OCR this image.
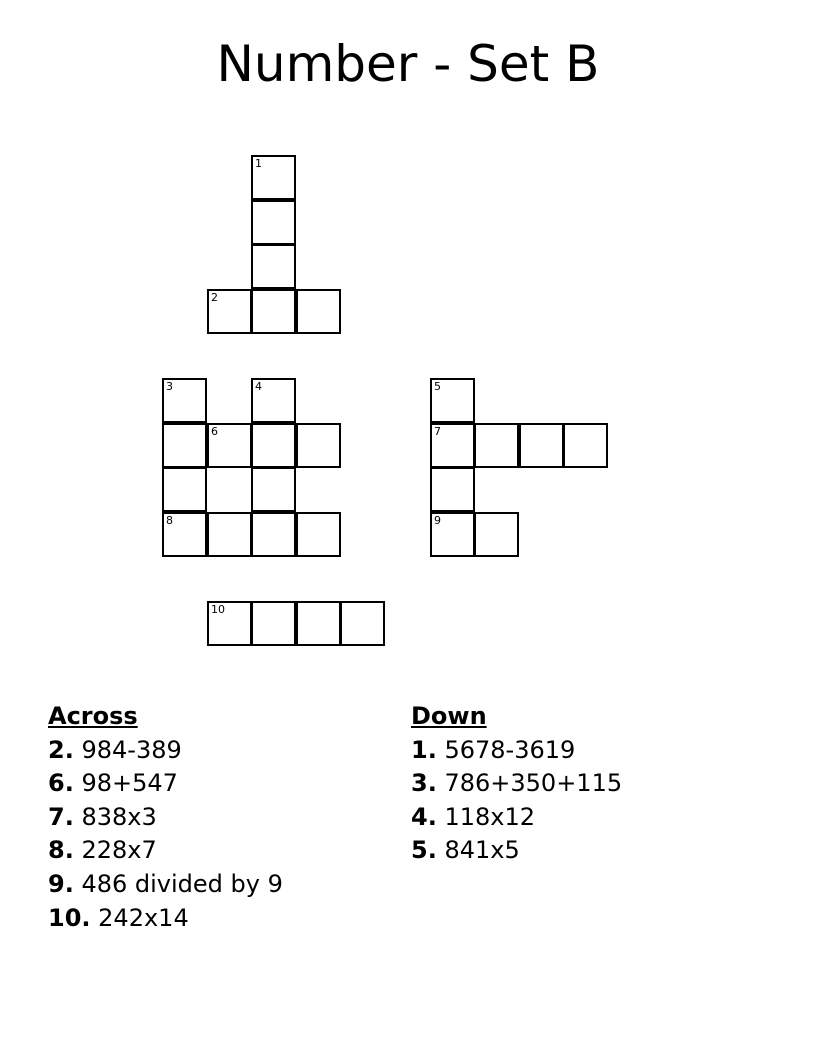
Number - Set B
1
2
3	4	5
6	7
8	9
10
Across
2. 984-389
6. 98+547
7. 838x3
8. 228x7
9. 486 divided by 9
10. 242x14
Down
1. 5678-3619
3. 786+350+115
4. 118x12
5. 841x5
